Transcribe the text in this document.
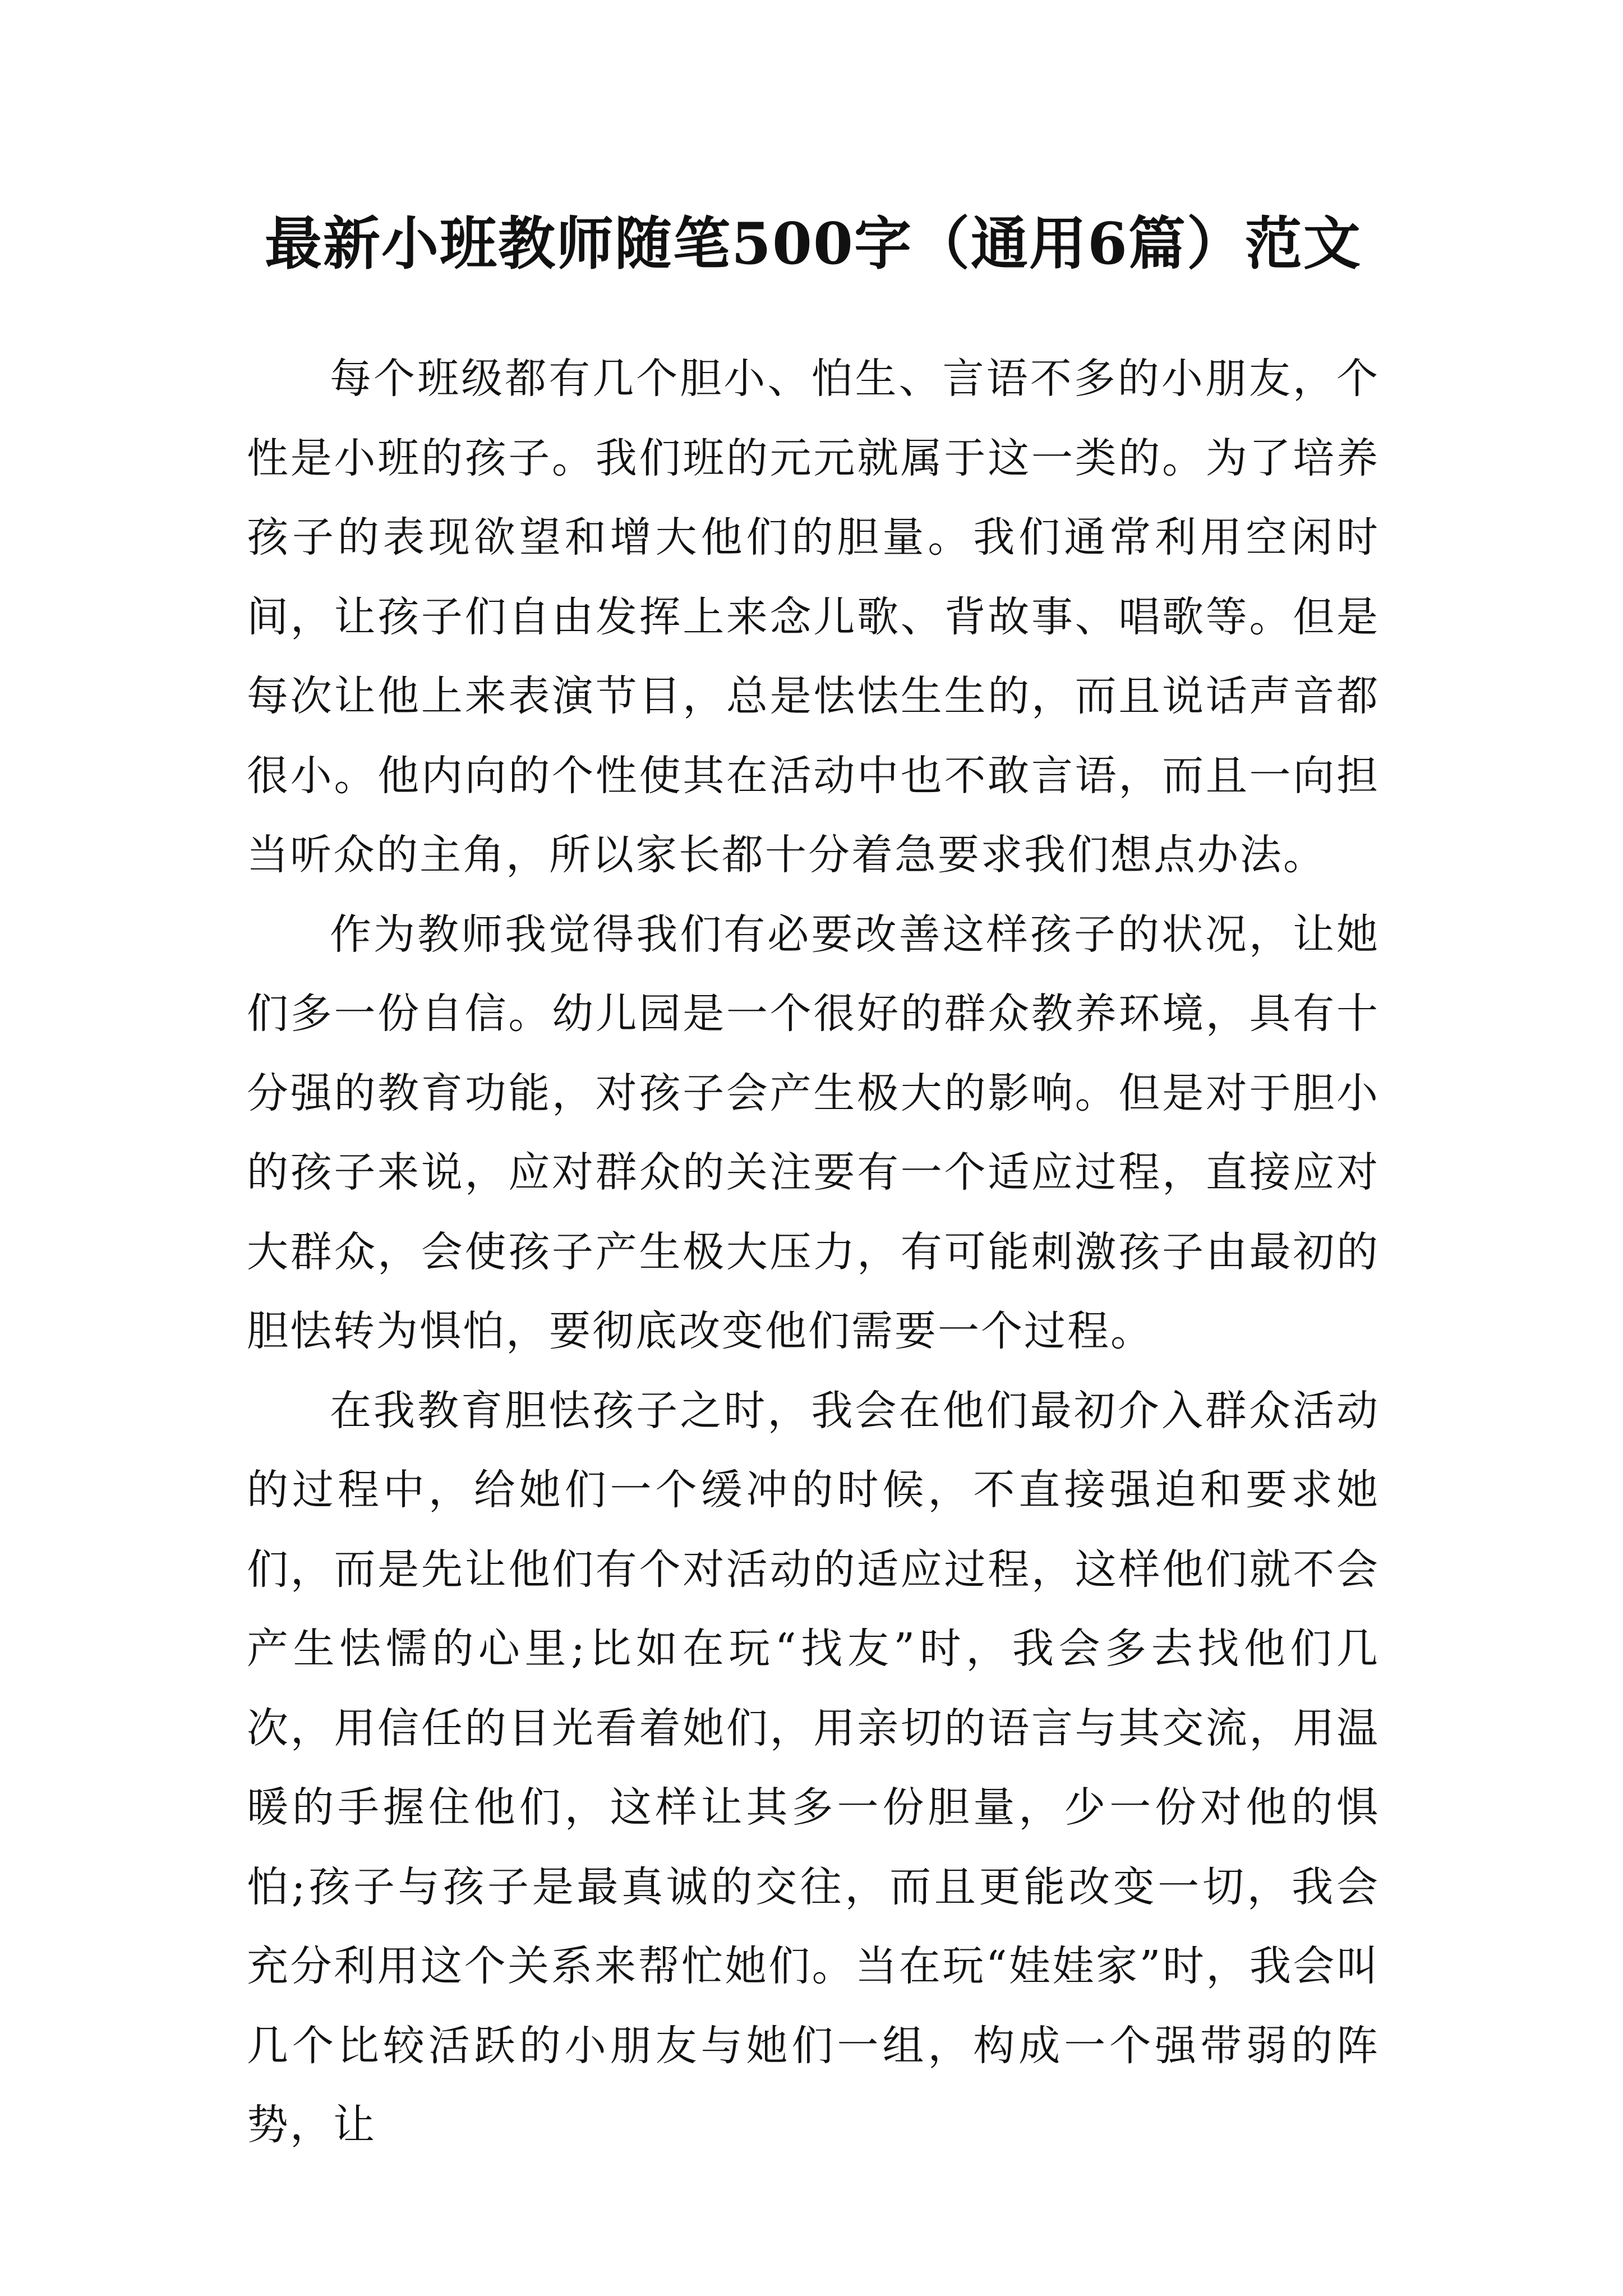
最新小班教师随笔500字（通用6篇）范文

每个班级都有几个胆小、怕生、言语不多的小朋友，个性是小班的孩子。我们班的元元就属于这一类的。为了培养孩子的表现欲望和增大他们的胆量。我们通常利用空闲时间，让孩子们自由发挥上来念儿歌、背故事、唱歌等。但是每次让他上来表演节目，总是怯怯生生的，而且说话声音都很小。他内向的个性使其在活动中也不敢言语，而且一向担当听众的主角，所以家长都十分着急要求我们想点办法。

作为教师我觉得我们有必要改善这样孩子的状况，让她们多一份自信。幼儿园是一个很好的群众教养环境，具有十分强的教育功能，对孩子会产生极大的影响。但是对于胆小的孩子来说，应对群众的关注要有一个适应过程，直接应对大群众，会使孩子产生极大压力，有可能刺激孩子由最初的胆怯转为惧怕，要彻底改变他们需要一个过程。

在我教育胆怯孩子之时，我会在他们最初介入群众活动的过程中，给她们一个缓冲的时候，不直接强迫和要求她们，而是先让他们有个对活动的适应过程，这样他们就不会产生怯懦的心里;比如在玩“找友”时，我会多去找他们几次，用信任的目光看着她们，用亲切的语言与其交流，用温暖的手握住他们，这样让其多一份胆量，少一份对他的惧怕;孩子与孩子是最真诚的交往，而且更能改变一切，我会充分利用这个关系来帮忙她们。当在玩“娃娃家”时，我会叫几个比较活跃的小朋友与她们一组，构成一个强带弱的阵势，让
